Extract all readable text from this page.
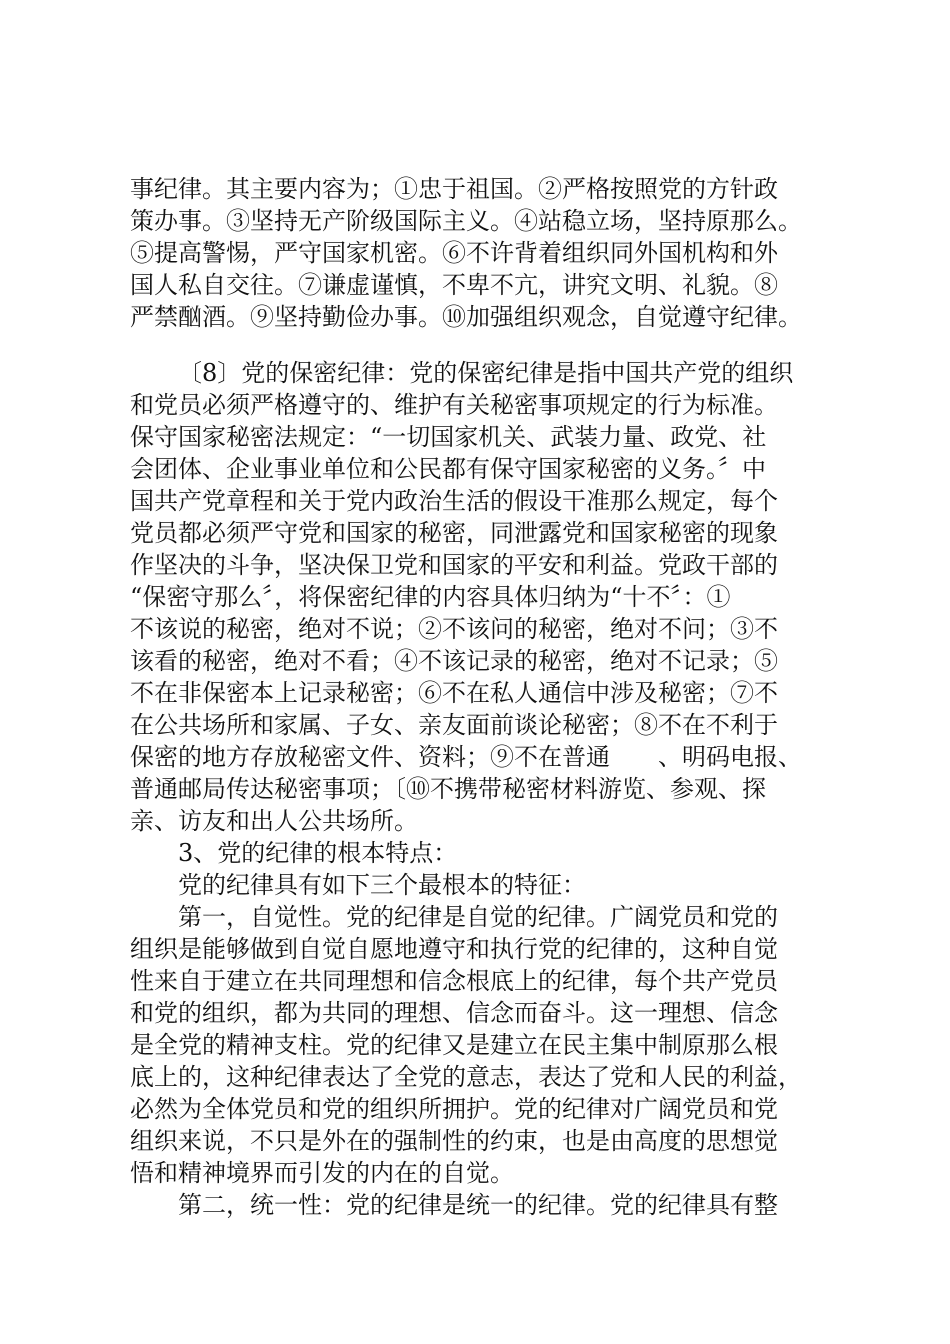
事纪律。其主要内容为；①忠于祖国。②严格按照党的方针政
策办事。③坚持无产阶级国际主义。④站稳立场，坚持原那么。
⑤提高警惕，严守国家机密。⑥不许背着组织同外国机构和外
国人私自交往。⑦谦虚谨慎，不卑不亢，讲究文明、礼貌。⑧
严禁酗酒。⑨坚持勤俭办事。⑩加强组织观念，自觉遵守纪律。
〔8〕党的保密纪律：党的保密纪律是指中国共产党的组织
和党员必须严格遵守的、维护有关秘密事项规定的行为标准。
保守国家秘密法规定：“一切国家机关、武装力量、政党、社
会团体、企业事业单位和公民都有保守国家秘密的义务。〞中
国共产党章程和关于党内政治生活的假设干准那么规定，每个
党员都必须严守党和国家的秘密，同泄露党和国家秘密的现象
作坚决的斗争，坚决保卫党和国家的平安和利益。党政干部的
“保密守那么〞，将保密纪律的内容具体归纳为“十不〞：①
不该说的秘密，绝对不说；②不该问的秘密，绝对不问；③不
该看的秘密，绝对不看；④不该记录的秘密，绝对不记录；⑤
不在非保密本上记录秘密；⑥不在私人通信中涉及秘密；⑦不
在公共场所和家属、子女、亲友面前谈论秘密；⑧不在不利于
保密的地方存放秘密文件、资料；⑨不在普通　　、明码电报、
普通邮局传达秘密事项；〔⑩不携带秘密材料游览、参观、探
亲、访友和出人公共场所。
3、党的纪律的根本特点：
党的纪律具有如下三个最根本的特征：
第一，自觉性。党的纪律是自觉的纪律。广阔党员和党的
组织是能够做到自觉自愿地遵守和执行党的纪律的，这种自觉
性来自于建立在共同理想和信念根底上的纪律，每个共产党员
和党的组织，都为共同的理想、信念而奋斗。这一理想、信念
是全党的精神支柱。党的纪律又是建立在民主集中制原那么根
底上的，这种纪律表达了全党的意志，表达了党和人民的利益，
必然为全体党员和党的组织所拥护。党的纪律对广阔党员和党
组织来说，不只是外在的强制性的约束，也是由高度的思想觉
悟和精神境界而引发的内在的自觉。
第二，统一性：党的纪律是统一的纪律。党的纪律具有整
